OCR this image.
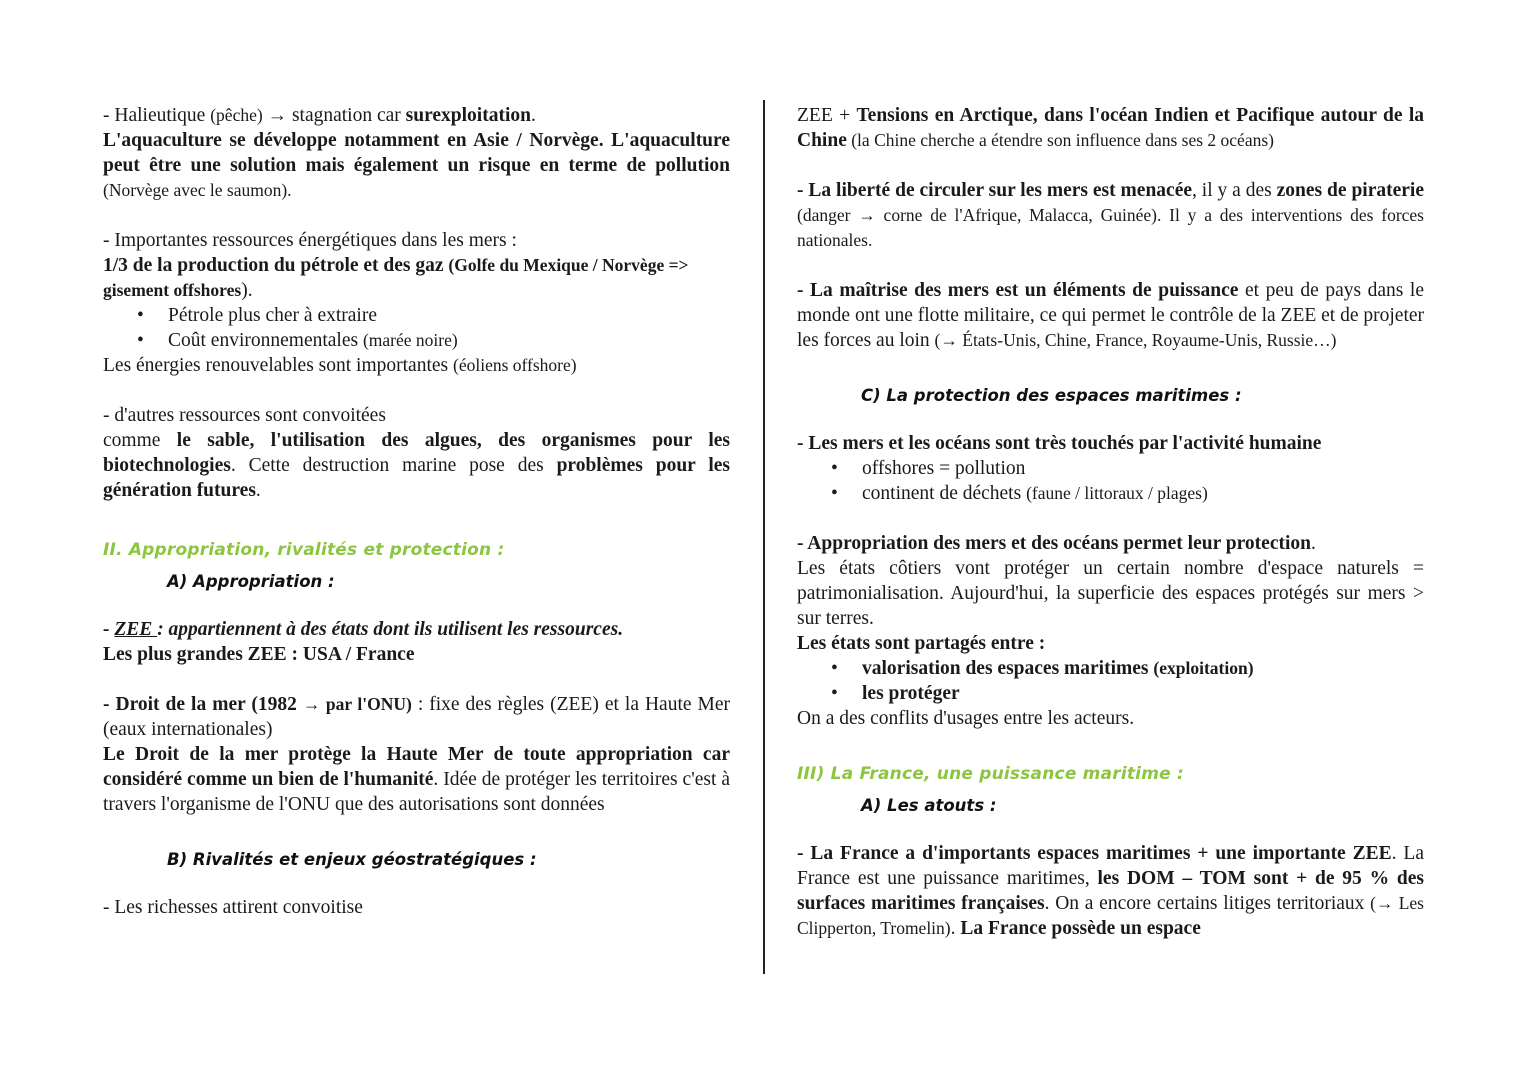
- Halieutique (pêche) → stagnation car surexploitation.

L'aquaculture se développe notamment en Asie / Norvège. L'aquaculture peut être une solution mais également un risque en terme de pollution (Norvège avec le saumon).

- Importantes ressources énergétiques dans les mers :

1/3 de la production du pétrole et des gaz (Golfe du Mexique / Norvège => gisement offshores).

• Pétrole plus cher à extraire
• Coût environnementales (marée noire)

Les énergies renouvelables sont importantes (éoliens offshore)

- d'autres ressources sont convoitées

comme le sable, l'utilisation des algues, des organismes pour les biotechnologies. Cette destruction marine pose des problèmes pour les génération futures.

II. Appropriation, rivalités et protection :

A) Appropriation :

- ZEE : appartiennent à des états dont ils utilisent les ressources.

Les plus grandes ZEE : USA / France

- Droit de la mer (1982 → par l'ONU) : fixe des règles (ZEE) et la Haute Mer (eaux internationales)

Le Droit de la mer protège la Haute Mer de toute appropriation car considéré comme un bien de l'humanité. Idée de protéger les territoires c'est à travers l'organisme de l'ONU que des autorisations sont données

B) Rivalités et enjeux géostratégiques :

- Les richesses attirent convoitise

ZEE + Tensions en Arctique, dans l'océan Indien et Pacifique autour de la Chine (la Chine cherche a étendre son influence dans ses 2 océans)

- La liberté de circuler sur les mers est menacée, il y a des zones de piraterie (danger → corne de l'Afrique, Malacca, Guinée). Il y a des interventions des forces nationales.

- La maîtrise des mers est un éléments de puissance et peu de pays dans le monde ont une flotte militaire, ce qui permet le contrôle de la ZEE et de projeter les forces au loin (→ États-Unis, Chine, France, Royaume-Unis, Russie…)

C) La protection des espaces maritimes :

- Les mers et les océans sont très touchés par l'activité humaine

• offshores = pollution
• continent de déchets (faune / littoraux / plages)

- Appropriation des mers et des océans permet leur protection.

Les états côtiers vont protéger un certain nombre d'espace naturels = patrimonialisation. Aujourd'hui, la superficie des espaces protégés sur mers > sur terres.

Les états sont partagés entre :

• valorisation des espaces maritimes (exploitation)
• les protéger

On a des conflits d'usages entre les acteurs.

III) La France, une puissance maritime :

A) Les atouts :

- La France a d'importants espaces maritimes + une importante ZEE. La France est une puissance maritimes, les DOM – TOM sont + de 95 % des surfaces maritimes françaises. On a encore certains litiges territoriaux (→ Les Clipperton, Tromelin). La France possède un espace
